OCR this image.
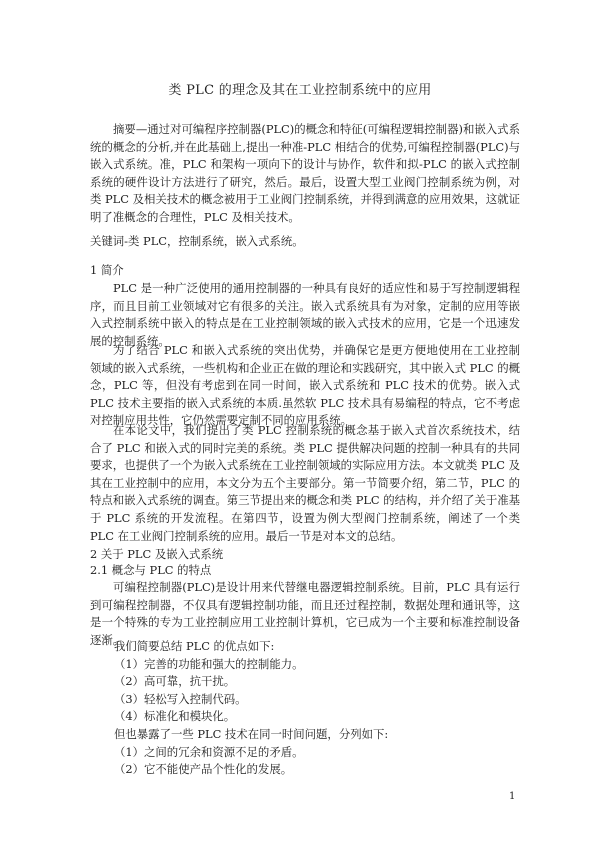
类 PLC 的理念及其在工业控制系统中的应用

摘要—通过对可编程序控制器(PLC)的概念和特征(可编程逻辑控制器)和嵌入式系统的概念的分析,并在此基础上,提出一种准-PLC 相结合的优势,可编程控制器(PLC)与嵌入式系统。准，PLC 和架构一项向下的设计与协作，软件和拟-PLC 的嵌入式控制系统的硬件设计方法进行了研究，然后。最后，设置大型工业阀门控制系统为例，对类 PLC 及相关技术的概念被用于工业阀门控制系统，并得到满意的应用效果，这就证明了准概念的合理性，PLC 及相关技术。

关键词-类 PLC，控制系统，嵌入式系统。

1 简介

PLC 是一种广泛使用的通用控制器的一种具有良好的适应性和易于写控制逻辑程序，而且目前工业领域对它有很多的关注。嵌入式系统具有为对象，定制的应用等嵌入式控制系统中嵌入的特点是在工业控制领域的嵌入式技术的应用，它是一个迅速发展的控制系统。

为了结合 PLC 和嵌入式系统的突出优势，并确保它是更方便地使用在工业控制领域的嵌入式系统，一些机构和企业正在做的理论和实践研究，其中嵌入式 PLC 的概念，PLC 等，但没有考虑到在同一时间，嵌入式系统和 PLC 技术的优势。嵌入式 PLC 技术主要指的嵌入式系统的本质.虽然软 PLC 技术具有易编程的特点，它不考虑对控制应用共性，它仍然需要定制不同的应用系统。

在本论文中，我们提出了类 PLC 控制系统的概念基于嵌入式首次系统技术，结合了 PLC 和嵌入式的同时完美的系统。类 PLC 提供解决问题的控制一种具有的共同要求，也提供了一个为嵌入式系统在工业控制领域的实际应用方法。本文就类 PLC 及其在工业控制中的应用，本文分为五个主要部分。第一节简要介绍，第二节，PLC 的特点和嵌入式系统的调查。第三节提出来的概念和类 PLC 的结构，并介绍了关于准基于 PLC 系统的开发流程。在第四节，设置为例大型阀门控制系统，阐述了一个类 PLC 在工业阀门控制系统的应用。最后一节是对本文的总结。

2 关于 PLC 及嵌入式系统

2.1 概念与 PLC 的特点

可编程控制器(PLC)是设计用来代替继电器逻辑控制系统。目前，PLC 具有运行到可编程控制器，不仅具有逻辑控制功能，而且还过程控制，数据处理和通讯等，这是一个特殊的专为工业控制应用工业控制计算机，它已成为一个主要和标准控制设备逐渐。

我们简要总结 PLC 的优点如下:
（1）完善的功能和强大的控制能力。
（2）高可靠，抗干扰。
（3）轻松写入控制代码。
（4）标准化和模块化。
但也暴露了一些 PLC 技术在同一时间问题，分列如下:
（1）之间的冗余和资源不足的矛盾。
（2）它不能使产品个性化的发展。
1
